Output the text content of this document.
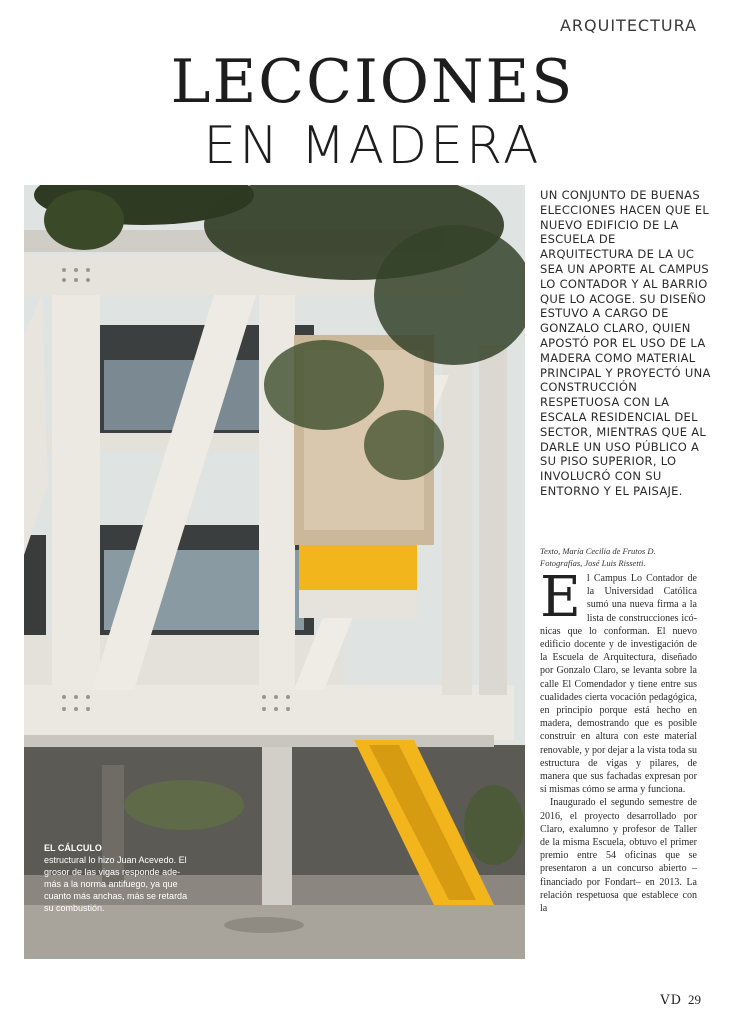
ARQUITECTURA
LECCIONES
EN MADERA
EL CÁLCULO
estructural lo hizo Juan Acevedo. El grosor de las vigas responde además a la norma antifuego, ya que cuanto más anchas, más se retarda su combustión.
UN CONJUNTO DE BUENAS ELECCIONES HACEN QUE EL NUEVO EDIFICIO DE LA ESCUELA DE ARQUITECTURA DE LA UC SEA UN APORTE AL CAMPUS LO CONTADOR Y AL BARRIO QUE LO ACOGE. SU DISEÑO ESTUVO A CARGO DE GONZALO CLARO, QUIEN APOSTÓ POR EL USO DE LA MADERA COMO MATERIAL PRINCIPAL Y PROYECTÓ UNA CONSTRUCCIÓN RESPETUOSA CON LA ESCALA RESIDENCIAL DEL SECTOR, MIENTRAS QUE AL DARLE UN USO PÚBLICO A SU PISO SUPERIOR, LO INVOLUCRÓ CON SU ENTORNO Y EL PAISAJE.
Texto, María Cecilia de Frutos D.
Fotografías, José Luis Rissetti.
E l Campus Lo Contador de la Universidad Católica sumó una nueva firma a la lista de construcciones icónicas que lo conforman. El nuevo edificio docente y de investigación de la Escuela de Arquitectura, diseñado por Gonzalo Claro, se levanta sobre la calle El Comendador y tiene entre sus cualidades cierta vocación pedagógica, en principio porque está hecho en madera, demostrando que es posible construir en altura con este material renovable, y por dejar a la vista toda su estructura de vigas y pilares, de manera que sus fachadas expresan por sí mismas cómo se arma y funciona.

Inaugurado el segundo semestre de 2016, el proyecto desarrollado por Claro, exalumno y profesor de Taller de la misma Escuela, obtuvo el primer premio entre 54 oficinas que se presentaron a un concurso abierto –financiado por Fondart– en 2013. La relación respetuosa que establece con la

VD 29
